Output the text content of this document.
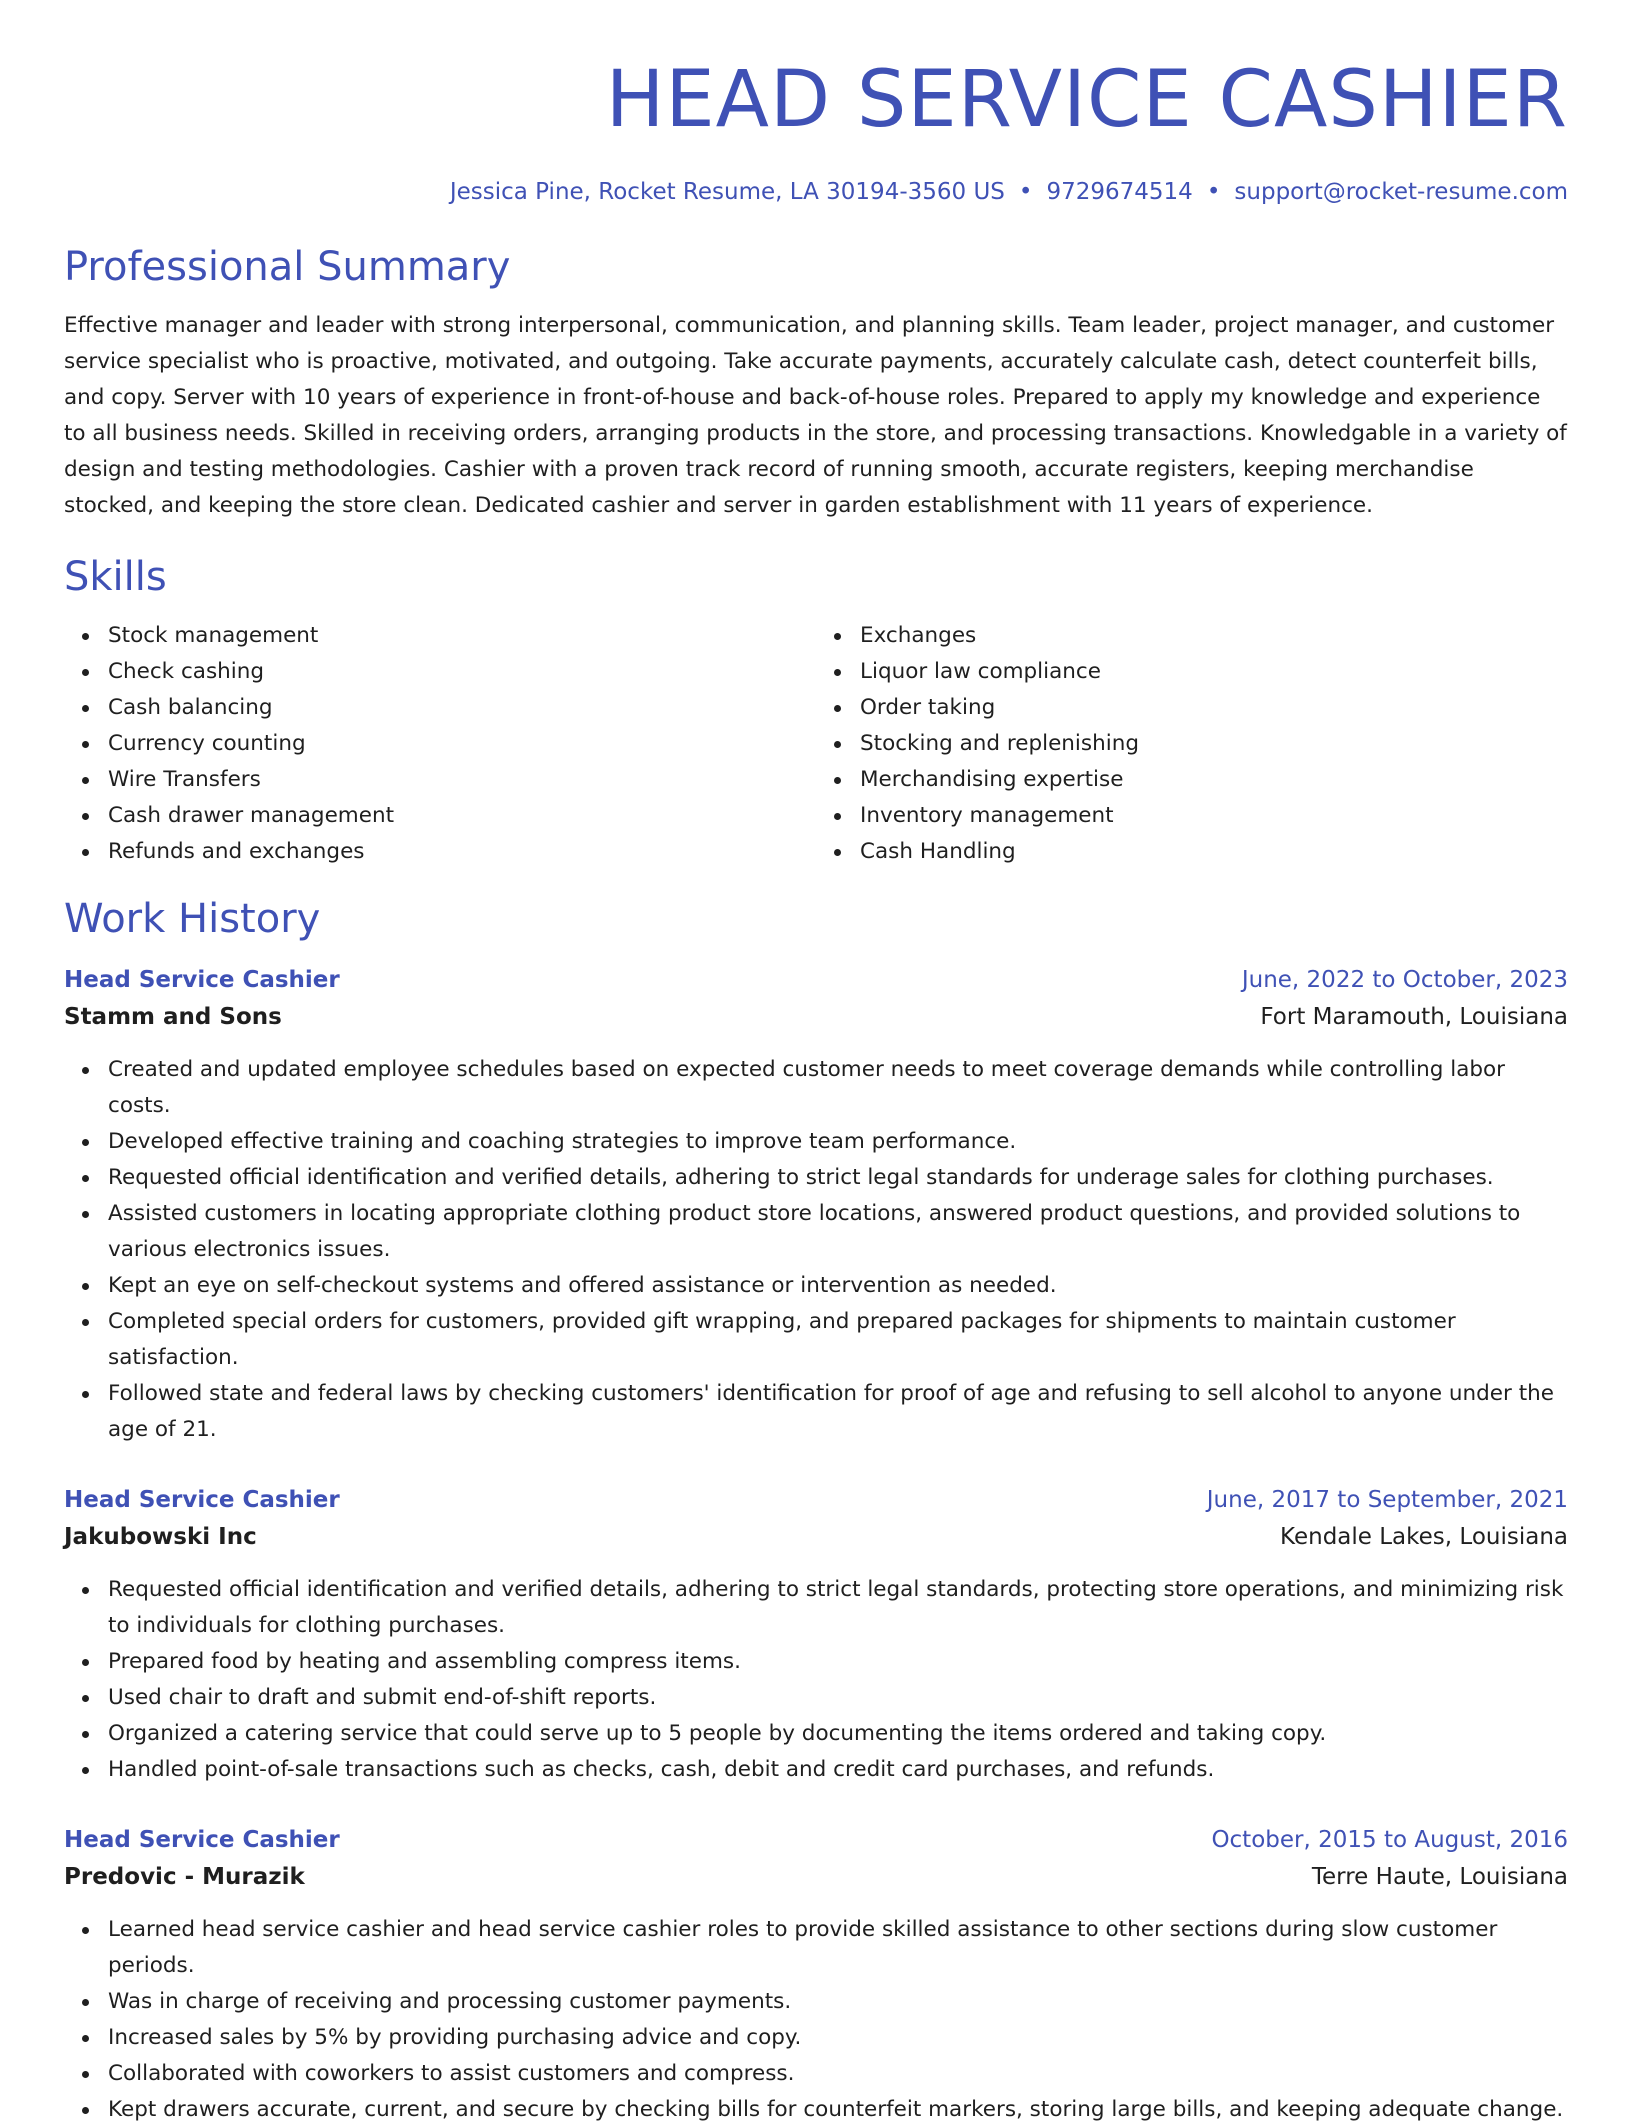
HEAD SERVICE CASHIER
Jessica Pine, Rocket Resume, LA 30194-3560 US • 9729674514 • support@rocket-resume.com
Professional Summary
Effective manager and leader with strong interpersonal, communication, and planning skills. Team leader, project manager, and customer service specialist who is proactive, motivated, and outgoing. Take accurate payments, accurately calculate cash, detect counterfeit bills, and copy. Server with 10 years of experience in front-of-house and back-of-house roles. Prepared to apply my knowledge and experience to all business needs. Skilled in receiving orders, arranging products in the store, and processing transactions. Knowledgable in a variety of design and testing methodologies. Cashier with a proven track record of running smooth, accurate registers, keeping merchandise stocked, and keeping the store clean. Dedicated cashier and server in garden establishment with 11 years of experience.
Skills
Stock management
Check cashing
Cash balancing
Currency counting
Wire Transfers
Cash drawer management
Refunds and exchanges
Exchanges
Liquor law compliance
Order taking
Stocking and replenishing
Merchandising expertise
Inventory management
Cash Handling
Work History
Head Service Cashier	June, 2022 to October, 2023
Stamm and Sons	Fort Maramouth, Louisiana
Created and updated employee schedules based on expected customer needs to meet coverage demands while controlling labor costs.
Developed effective training and coaching strategies to improve team performance.
Requested official identification and verified details, adhering to strict legal standards for underage sales for clothing purchases.
Assisted customers in locating appropriate clothing product store locations, answered product questions, and provided solutions to various electronics issues.
Kept an eye on self-checkout systems and offered assistance or intervention as needed.
Completed special orders for customers, provided gift wrapping, and prepared packages for shipments to maintain customer satisfaction.
Followed state and federal laws by checking customers' identification for proof of age and refusing to sell alcohol to anyone under the age of 21.
Head Service Cashier	June, 2017 to September, 2021
Jakubowski Inc	Kendale Lakes, Louisiana
Requested official identification and verified details, adhering to strict legal standards, protecting store operations, and minimizing risk to individuals for clothing purchases.
Prepared food by heating and assembling compress items.
Used chair to draft and submit end-of-shift reports.
Organized a catering service that could serve up to 5 people by documenting the items ordered and taking copy.
Handled point-of-sale transactions such as checks, cash, debit and credit card purchases, and refunds.
Head Service Cashier	October, 2015 to August, 2016
Predovic - Murazik	Terre Haute, Louisiana
Learned head service cashier and head service cashier roles to provide skilled assistance to other sections during slow customer periods.
Was in charge of receiving and processing customer payments.
Increased sales by 5% by providing purchasing advice and copy.
Collaborated with coworkers to assist customers and compress.
Kept drawers accurate, current, and secure by checking bills for counterfeit markers, storing large bills, and keeping adequate change.
